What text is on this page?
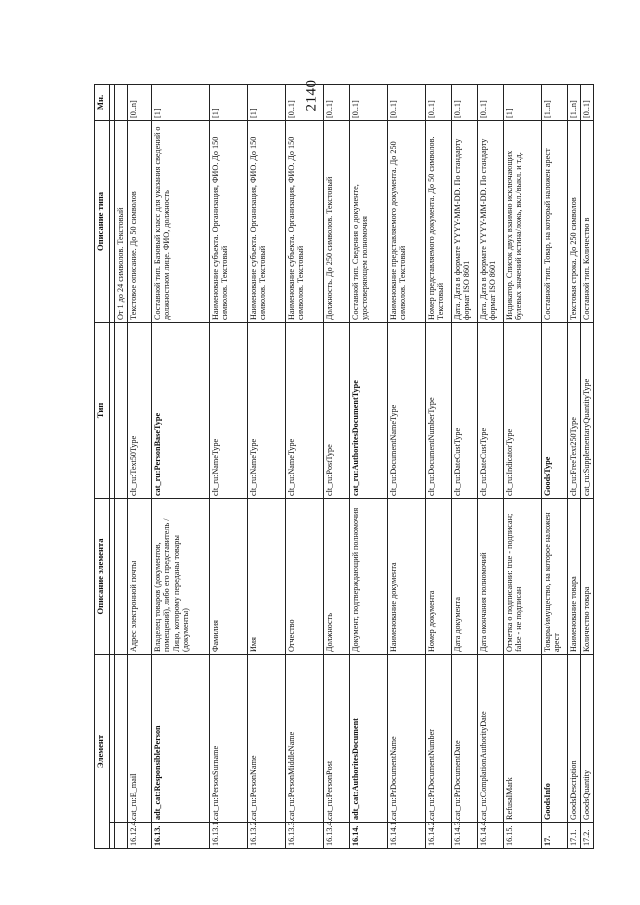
2140
Элемент		Описание элемента	Тип	Описание типа	Мн.

				От 1 до 24 символов. Текстовый	
16.12.4.	cat_ru:E_mail	Адрес электронной почты	clt_ru:Text50Type	Текстовое описание. До 50 символов	[0..n]
16.13.	adt_cat:ResponsiblePerson	Владелец товаров (документов, помещений), либо его представитель / Лицо, которому переданы товары (документы)	cat_ru:PersonBaseType	Составной тип. Базовый класс для указания сведений о должностном лице. ФИО, должность	[1]
16.13.1.	cat_ru:PersonSurname	Фамилия	clt_ru:NameType	Наименование субъекта. Организация, ФИО. До 150 символов. Текстовый	[1]
16.13.2.	cat_ru:PersonName	Имя	clt_ru:NameType	Наименование субъекта. Организация, ФИО. До 150 символов. Текстовый	[1]
16.13.3.	cat_ru:PersonMiddleName	Отчество	clt_ru:NameType	Наименование субъекта. Организация, ФИО. До 150 символов. Текстовый	[0..1]
16.13.4.	cat_ru:PersonPost	Должность	clt_ru:PostType	Должность. До 250 символов. Текстовый	[0..1]
16.14.	adt_cat:AuthoritesDocument	Документ, подтверждающий полномочия	cat_ru:AuthoritesDocumentType	Составной тип. Сведения о документе, удостоверяющем полномочия	[0..1]
16.14.1.	cat_ru:PrDocumentName	Наименование документа	clt_ru:DocumentNameType	Наименование представляемого документа. До 250 символов. Текстовый	[0..1]
16.14.2.	cat_ru:PrDocumentNumber	Номер документа	clt_ru:DocumentNumberType	Номер представляемого документа. До 50 символов. Текстовый	[0..1]
16.14.3.	cat_ru:PrDocumentDate	Дата документа	clt_ru:DateCustType	Дата. Дата в формате YYYY-MM-DD. По стандарту формат ISO 8601	[0..1]
16.14.4.	cat_ru:ComplationAuthorityDate	Дата окончания полномочий	clt_ru:DateCustType	Дата. Дата в формате YYYY-MM-DD. По стандарту формат ISO 8601	[0..1]
16.15.	RefusalMark	Отметка о подписании: true - подписан; false - не подписан	clt_ru:IndicatorType	Индикатор. Список двух взаимно исключающих булевых значений истина/ложь, вкл./выкл. и т.д.	[1]
17.	GoodsInfo	Товары/имущество, на которое наложен арест	GoodsType	Составной тип. Товар, на который наложен арест	[1..n]
17.1.	GoodsDescription	Наименование товара	clt_ru:FreeText250Type	Текстовая строка. До 250 символов	[1..n]
17.2.	GoodsQuantity	Количество товара	cat_ru:SupplementaryQuantityType	Составной тип. Количество в	[0..1]
